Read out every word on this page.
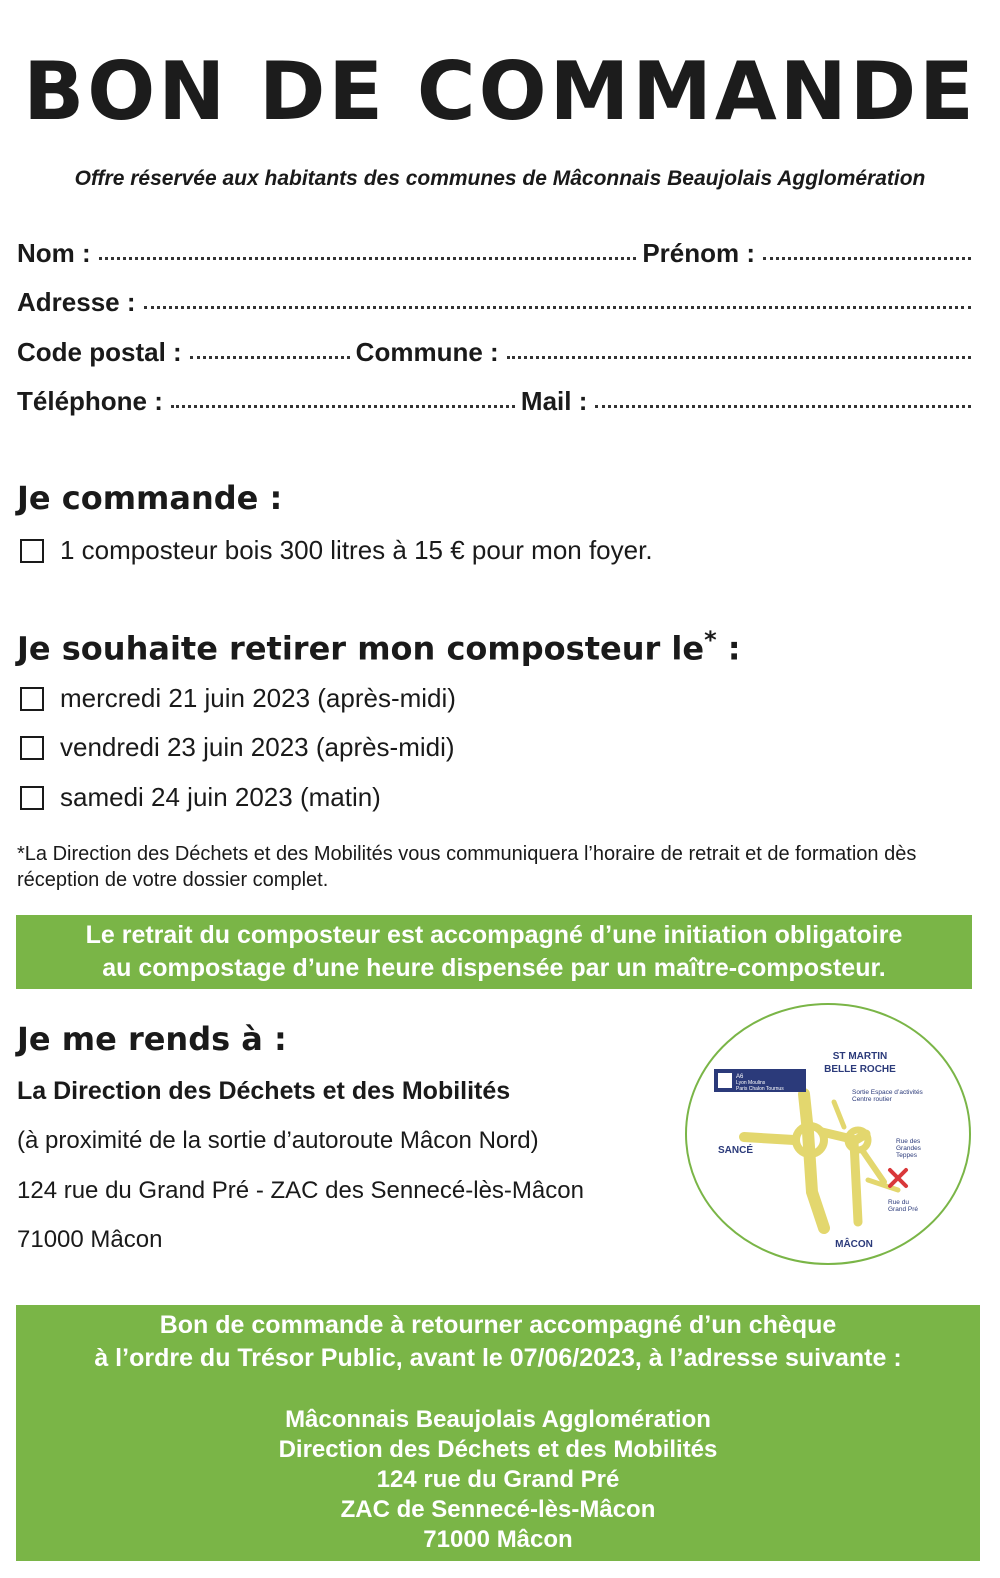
BON DE COMMANDE
Offre réservée aux habitants des communes de Mâconnais Beaujolais Agglomération
Nom :	Prénom :
Adresse :
Code postal :	Commune :
Téléphone :	Mail :
Je commande :
1 composteur bois 300 litres à 15 € pour mon foyer.
Je souhaite retirer mon composteur le* :
mercredi 21 juin 2023 (après-midi)
vendredi 23 juin 2023 (après-midi)
samedi 24 juin 2023 (matin)
*La Direction des Déchets et des Mobilités vous communiquera l’horaire de retrait et de formation dès réception de votre dossier complet.
Le retrait du composteur est accompagné d’une initiation obligatoire
au compostage d’une heure dispensée par un maître-composteur.
Je me rends à :
La Direction des Déchets et des Mobilités
(à proximité de la sortie d’autoroute Mâcon Nord)
124 rue du Grand Pré - ZAC des Sennecé-lès-Mâcon
71000 Mâcon
A6
Lyon Moulins
Paris Chalon Tournus
ST MARTIN
BELLE ROCHE
Sortie Espace d’activités
Centre routier
SANCÉ
Rue des
Grandes
Teppes
Rue du
Grand Pré
MÂCON
Bon de commande à retourner accompagné d’un chèque
à l’ordre du Trésor Public, avant le 07/06/2023, à l’adresse suivante :
Mâconnais Beaujolais Agglomération
Direction des Déchets et des Mobilités
124 rue du Grand Pré
ZAC de Sennecé-lès-Mâcon
71000 Mâcon
